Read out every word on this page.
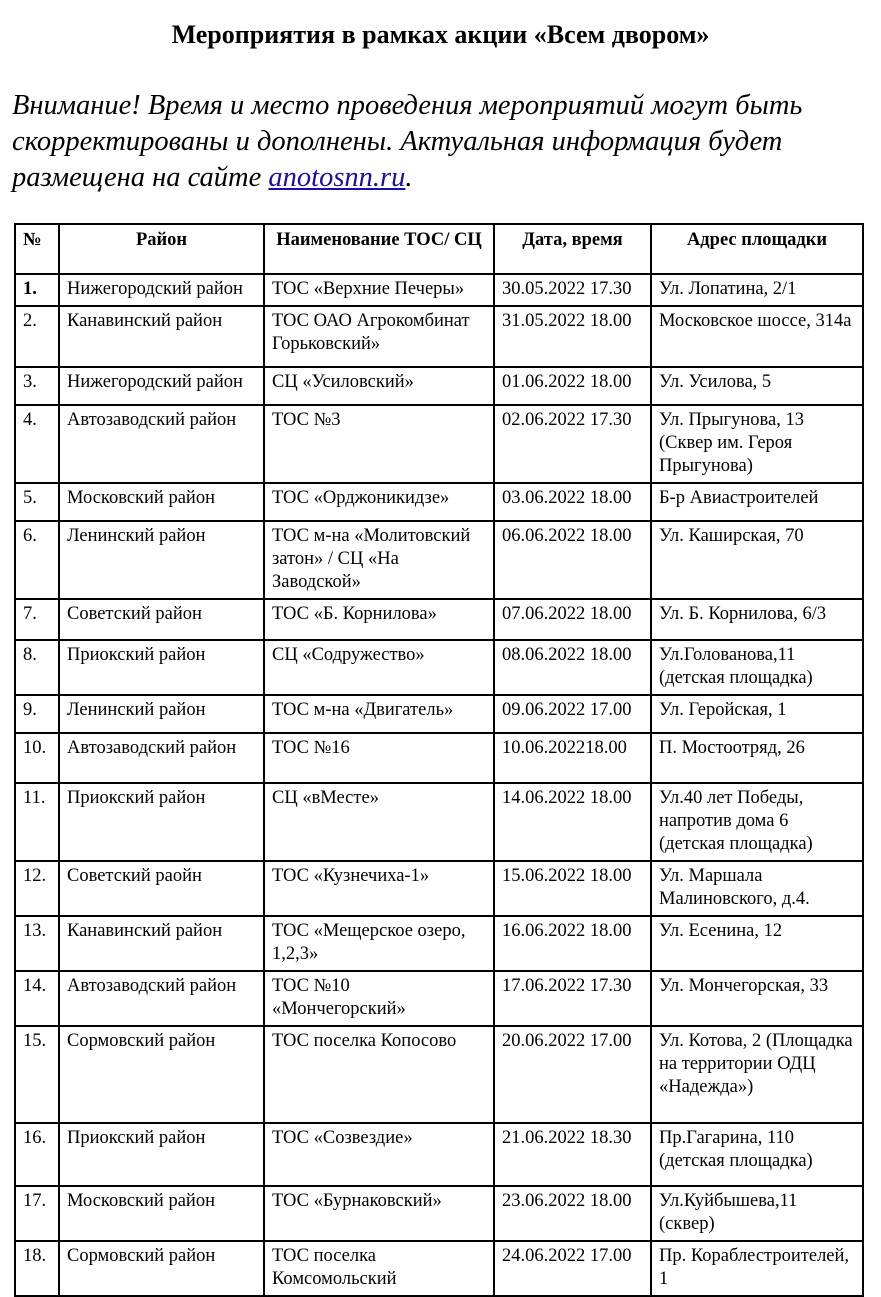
Мероприятия в рамках акции «Всем двором»

Внимание! Время и место проведения мероприятий могут быть скорректированы и дополнены. Актуальная информация будет размещена на сайте anotosnn.ru.

№	Район	Наименование ТОС/ СЦ	Дата, время	Адрес площадки
1.	Нижегородский район	ТОС «Верхние Печеры»	30.05.2022 17.30	Ул. Лопатина, 2/1
2.	Канавинский район	ТОС ОАО Агрокомбинат Горьковский»	31.05.2022 18.00	Московское шоссе, 314а
3.	Нижегородский район	СЦ «Усиловский»	01.06.2022 18.00	Ул. Усилова, 5
4.	Автозаводский район	ТОС №3	02.06.2022 17.30	Ул. Прыгунова, 13 (Сквер им. Героя Прыгунова)
5.	Московский район	ТОС «Орджоникидзе»	03.06.2022 18.00	Б-р Авиастроителей
6.	Ленинский район	ТОС м-на «Молитовский затон» / СЦ «На Заводской»	06.06.2022 18.00	Ул. Каширская, 70
7.	Советский район	ТОС «Б. Корнилова»	07.06.2022 18.00	Ул. Б. Корнилова, 6/3
8.	Приокский район	СЦ «Содружество»	08.06.2022 18.00	Ул.Голованова,11 (детская площадка)
9.	Ленинский район	ТОС м-на «Двигатель»	09.06.2022 17.00	Ул. Геройская, 1
10.	Автозаводский район	ТОС №16	10.06.202218.00	П. Мостоотряд, 26
11.	Приокский район	СЦ «вМесте»	14.06.2022 18.00	Ул.40 лет Победы, напротив дома 6 (детская площадка)
12.	Советский раойн	ТОС «Кузнечиха-1»	15.06.2022 18.00	Ул. Маршала Малиновского, д.4.
13.	Канавинский район	ТОС «Мещерское озеро, 1,2,3»	16.06.2022 18.00	Ул. Есенина, 12
14.	Автозаводский район	ТОС №10 «Мончегорский»	17.06.2022 17.30	Ул. Мончегорская, 33
15.	Сормовский район	ТОС поселка Копосово	20.06.2022 17.00	Ул. Котова, 2 (Площадка на территории ОДЦ «Надежда»)
16.	Приокский район	ТОС «Созвездие»	21.06.2022 18.30	Пр.Гагарина, 110 (детская площадка)
17.	Московский район	ТОС «Бурнаковский»	23.06.2022 18.00	Ул.Куйбышева,11 (сквер)
18.	Сормовский район	ТОС поселка Комсомольский	24.06.2022 17.00	Пр. Кораблестроителей, 1
